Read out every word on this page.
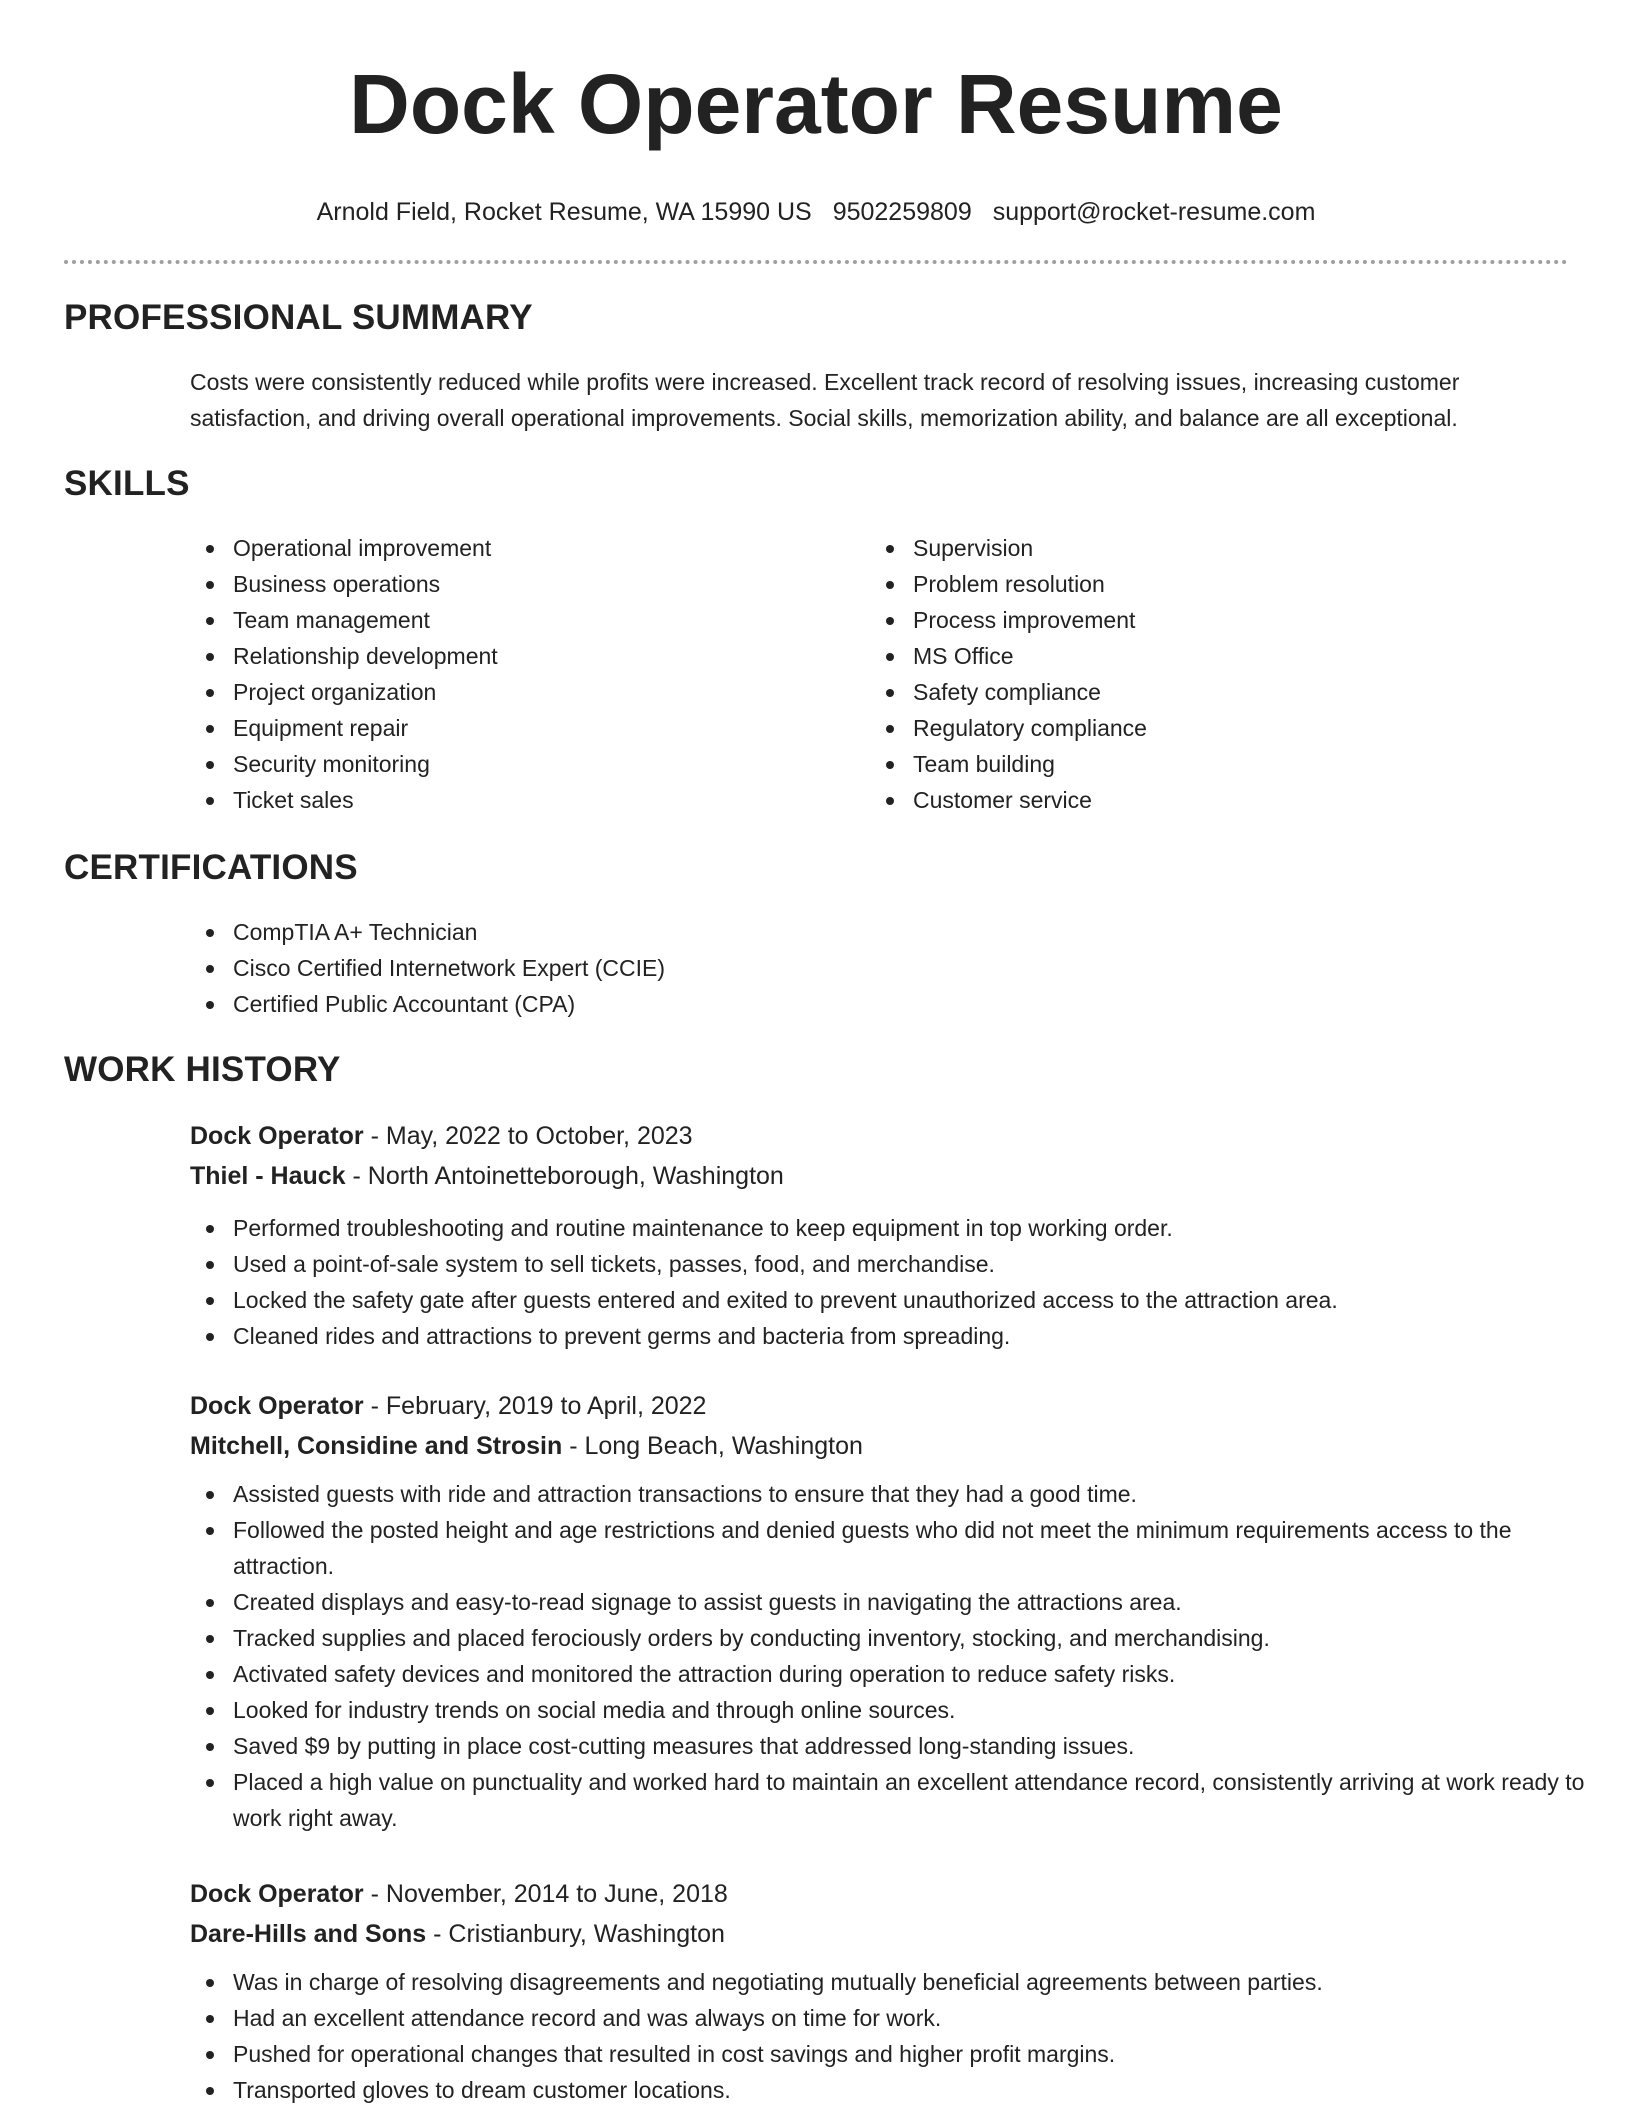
Dock Operator Resume
Arnold Field, Rocket Resume, WA 15990 US 9502259809 support@rocket-resume.com
PROFESSIONAL SUMMARY
Costs were consistently reduced while profits were increased. Excellent track record of resolving issues, increasing customer satisfaction, and driving overall operational improvements. Social skills, memorization ability, and balance are all exceptional.
SKILLS
Operational improvement
Business operations
Team management
Relationship development
Project organization
Equipment repair
Security monitoring
Ticket sales
Supervision
Problem resolution
Process improvement
MS Office
Safety compliance
Regulatory compliance
Team building
Customer service
CERTIFICATIONS
CompTIA A+ Technician
Cisco Certified Internetwork Expert (CCIE)
Certified Public Accountant (CPA)
WORK HISTORY
Dock Operator - May, 2022 to October, 2023
Thiel - Hauck - North Antoinetteborough, Washington
Performed troubleshooting and routine maintenance to keep equipment in top working order.
Used a point-of-sale system to sell tickets, passes, food, and merchandise.
Locked the safety gate after guests entered and exited to prevent unauthorized access to the attraction area.
Cleaned rides and attractions to prevent germs and bacteria from spreading.
Dock Operator - February, 2019 to April, 2022
Mitchell, Considine and Strosin - Long Beach, Washington
Assisted guests with ride and attraction transactions to ensure that they had a good time.
Followed the posted height and age restrictions and denied guests who did not meet the minimum requirements access to the attraction.
Created displays and easy-to-read signage to assist guests in navigating the attractions area.
Tracked supplies and placed ferociously orders by conducting inventory, stocking, and merchandising.
Activated safety devices and monitored the attraction during operation to reduce safety risks.
Looked for industry trends on social media and through online sources.
Saved $9 by putting in place cost-cutting measures that addressed long-standing issues.
Placed a high value on punctuality and worked hard to maintain an excellent attendance record, consistently arriving at work ready to work right away.
Dock Operator - November, 2014 to June, 2018
Dare-Hills and Sons - Cristianbury, Washington
Was in charge of resolving disagreements and negotiating mutually beneficial agreements between parties.
Had an excellent attendance record and was always on time for work.
Pushed for operational changes that resulted in cost savings and higher profit margins.
Transported gloves to dream customer locations.
